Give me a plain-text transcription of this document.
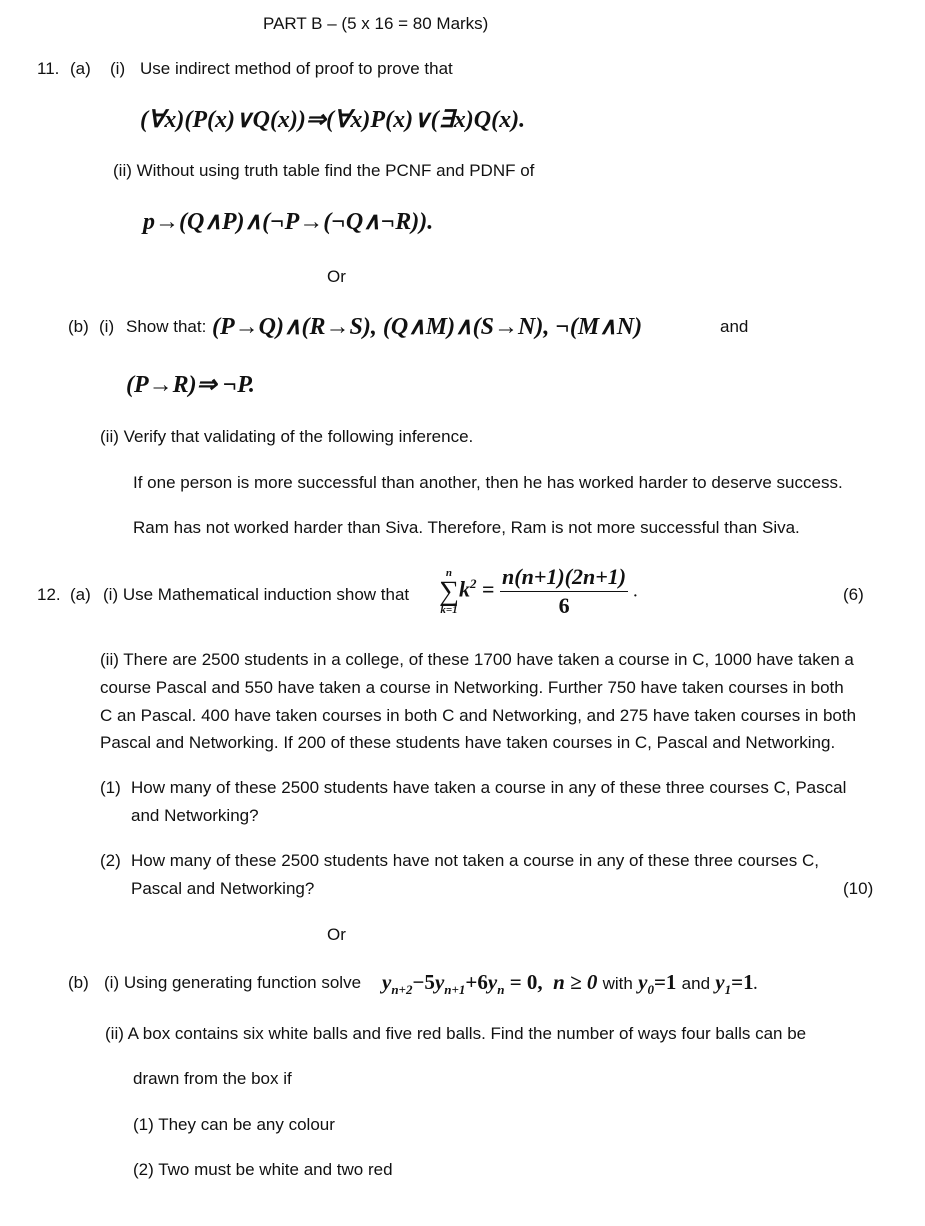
PART B – (5 x 16 = 80 Marks)
11. (a) (i) Use indirect method of proof to prove that
(∀x)(P(x)∨Q(x))⇒(∀x)P(x)∨(∃x)Q(x).
(ii) Without using truth table find the PCNF and PDNF of
p→(Q∧P)∧(¬P→(¬Q∧¬R)).
Or
(b) (i) Show that: (P→Q)∧(R→S), (Q∧M)∧(S→N), ¬(M∧N)	and
(P→R)⇒ ¬P.
(ii) Verify that validating of the following inference.
If one person is more successful than another, then he has worked harder to deserve success.
Ram has not worked harder than Siva. Therefore, Ram is not more successful than Siva.
12. (a) (i) Use Mathematical induction show that
n
∑
k=1
$k^2 = \frac{n(n+1)(2n+1)}{6}$ .	(6)
(ii) There are 2500 students in a college, of these 1700 have taken a course in C, 1000 have taken a
course Pascal and 550 have taken a course in Networking. Further 750 have taken courses in both
C an Pascal. 400 have taken courses in both C and Networking, and 275 have taken courses in both
Pascal and Networking. If 200 of these students have taken courses in C, Pascal and Networking.
(1) How many of these 2500 students have taken a course in any of these three courses C, Pascal
and Networking?
(2) How many of these 2500 students have not taken a course in any of these three courses C,
Pascal and Networking?	(10)
Or
(b) (i) Using generating function solve $y_{n+2}-5y_{n+1}+6y_n = 0$, n ≥ 0 with $y_0=1$ and $y_1=1$.
(ii) A box contains six white balls and five red balls. Find the number of ways four balls can be
drawn from the box if
(1) They can be any colour
(2) Two must be white and two red
